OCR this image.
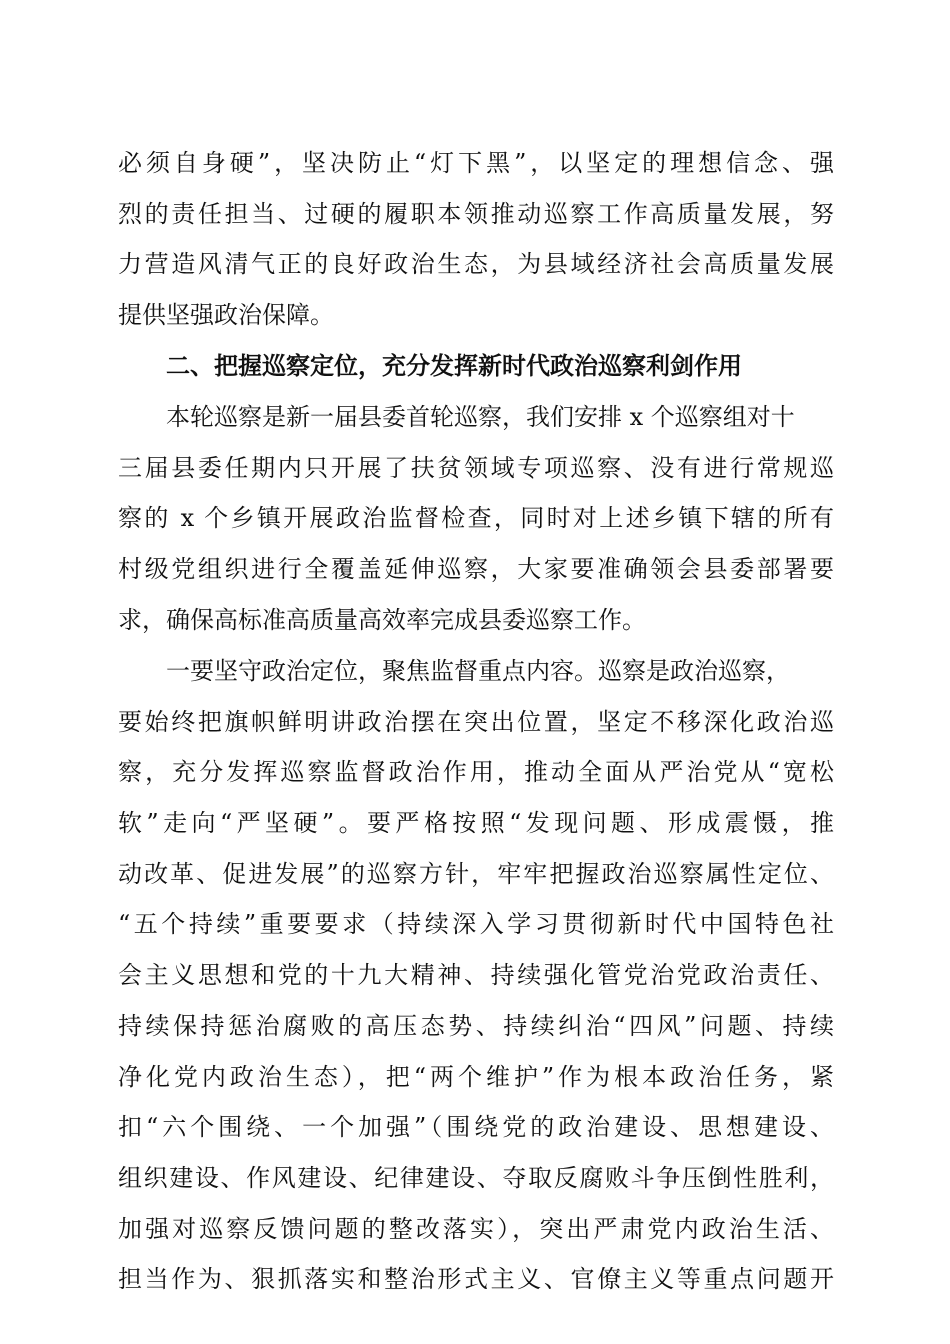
必须自身硬”，坚决防止“灯下黑”，以坚定的理想信念、强
烈的责任担当、过硬的履职本领推动巡察工作高质量发展，努
力营造风清气正的良好政治生态，为县域经济社会高质量发展
提供坚强政治保障。
二、把握巡察定位，充分发挥新时代政治巡察利剑作用
本轮巡察是新一届县委首轮巡察，我们安排 x 个巡察组对十
三届县委任期内只开展了扶贫领域专项巡察、没有进行常规巡
察的 x 个乡镇开展政治监督检查，同时对上述乡镇下辖的所有
村级党组织进行全覆盖延伸巡察，大家要准确领会县委部署要
求，确保高标准高质量高效率完成县委巡察工作。
一要坚守政治定位，聚焦监督重点内容。巡察是政治巡察，
要始终把旗帜鲜明讲政治摆在突出位置，坚定不移深化政治巡
察，充分发挥巡察监督政治作用，推动全面从严治党从“宽松
软”走向“严坚硬”。要严格按照“发现问题、形成震慑，推
动改革、促进发展”的巡察方针，牢牢把握政治巡察属性定位、
“五个持续”重要要求（持续深入学习贯彻新时代中国特色社
会主义思想和党的十九大精神、持续强化管党治党政治责任、
持续保持惩治腐败的高压态势、持续纠治“四风”问题、持续
净化党内政治生态），把“两个维护”作为根本政治任务，紧
扣“六个围绕、一个加强”（围绕党的政治建设、思想建设、
组织建设、作风建设、纪律建设、夺取反腐败斗争压倒性胜利，
加强对巡察反馈问题的整改落实），突出严肃党内政治生活、
担当作为、狠抓落实和整治形式主义、官僚主义等重点问题开
